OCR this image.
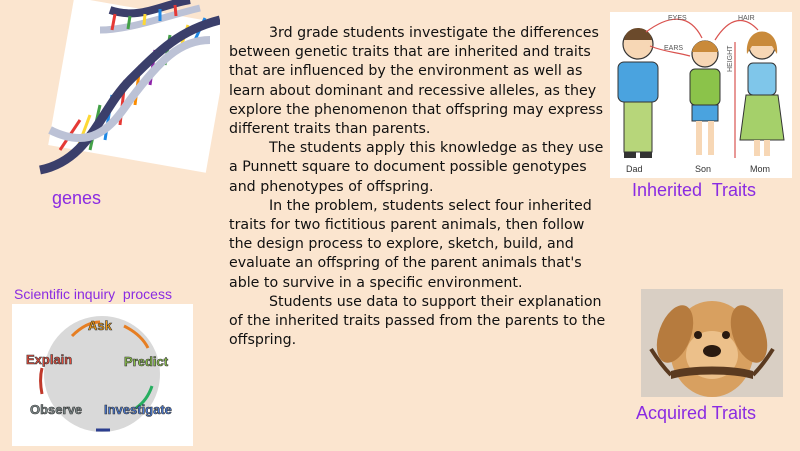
EYES	HAIR
EARS	HEIGHT
Dad	Son	Mom
Ask
Predict
Investigate
Observe
Explain
genes	Inherited  Traits
Acquired Traits
Scientific inquiry  process

3rd grade students investigate the differences between genetic traits that are inherited and traits that are influenced by the environment as well as learn about dominant and recessive alleles, as they explore the phenomenon that offspring may express different traits than parents.

The students apply this knowledge as they use a Punnett square to document possible genotypes and phenotypes of offspring.

In the problem, students select four inherited traits for two fictitious parent animals, then follow the design process to explore, sketch, build, and evaluate an offspring of the parent animals that's able to survive in a specific environment.

Students use data to support their explanation of the inherited traits passed from the parents to the offspring.
